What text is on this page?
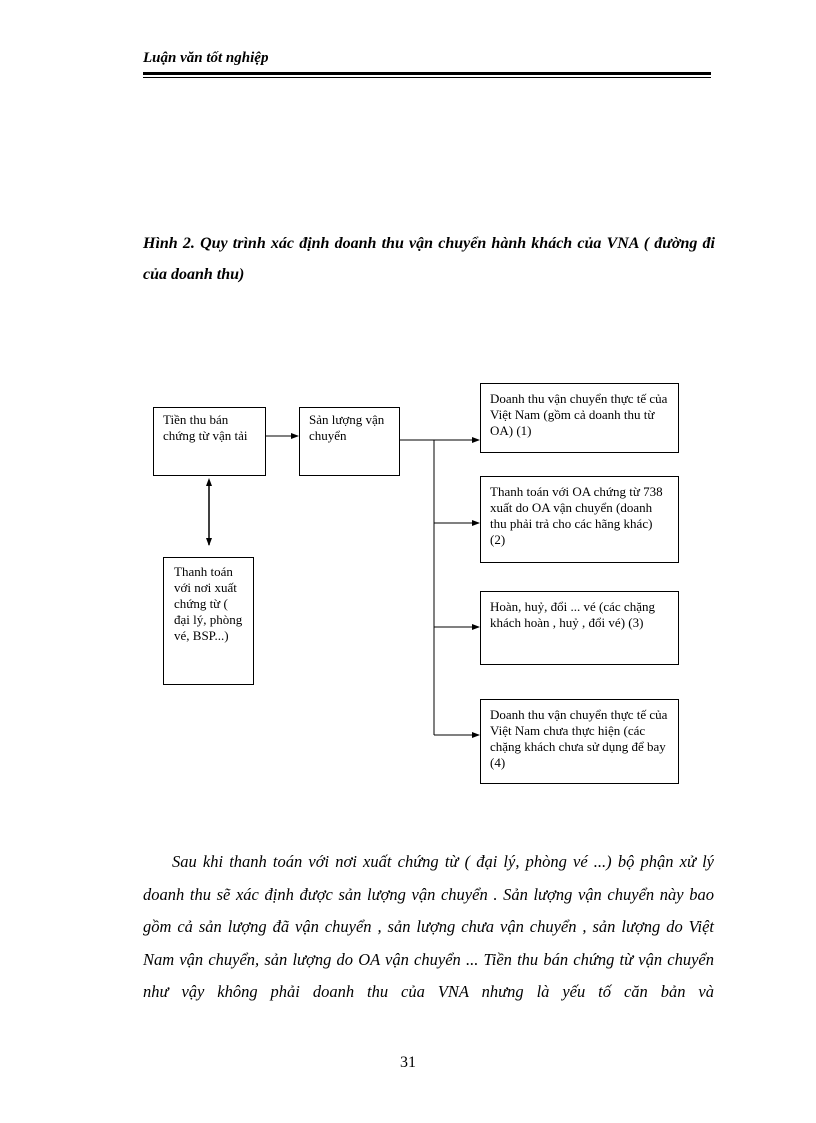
Luận văn tốt nghiệp
Hình 2. Quy trình xác định doanh thu vận chuyển hành khách của VNA ( đường đi của doanh thu)
Tiền thu bán chứng từ vận tải
Sản lượng vận chuyển
Thanh toán với nơi xuất chứng từ ( đại lý, phòng vé, BSP...)
Doanh thu vận chuyển thực tế của Việt Nam (gồm cả doanh thu từ OA) (1)
Thanh toán với OA chứng từ 738 xuất do OA vận chuyển (doanh thu phải trả cho các hãng khác) (2)
Hoàn, huỷ, đổi ... vé (các chặng khách hoàn , huỷ , đổi vé) (3)
Doanh thu vận chuyển thực tế của Việt Nam chưa thực hiện (các chặng khách chưa sử dụng để bay (4)

Sau khi thanh toán với nơi xuất chứng từ ( đại lý, phòng vé ...) bộ phận xử lý doanh thu sẽ xác định được sản lượng vận chuyển . Sản lượng vận chuyển này bao gồm cả sản lượng đã vận chuyển , sản lượng chưa vận chuyển , sản lượng do Việt Nam vận chuyển, sản lượng do OA vận chuyển ... Tiền thu bán chứng từ vận chuyển như vậy không phải doanh thu của VNA nhưng là yếu tố căn bản và

31
